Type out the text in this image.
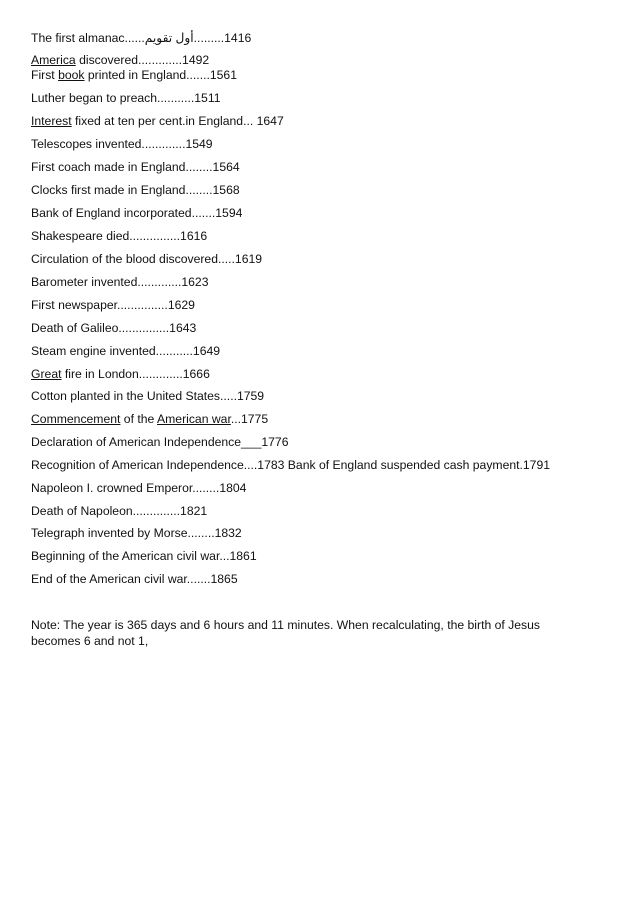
The first almanac......أول تقويم.........1416
America discovered.............1492
First book printed in England.......1561
Luther began to preach...........1511
Interest fixed at ten per cent.in England... 1647
Telescopes invented.............1549
First coach made in England........1564
Clocks first made in England........1568
Bank of England incorporated.......1594
Shakespeare died...............1616
Circulation of the blood discovered.....1619
Barometer invented.............1623
First newspaper...............1629
Death of Galileo...............1643
Steam engine invented...........1649
Great fire in London.............1666
Cotton planted in the United States.....1759
Commencement of the American war...1775
Declaration of American Independence___1776
Recognition of American Independence....1783 Bank of England suspended cash payment.1791
Napoleon I. crowned Emperor........1804
Death of Napoleon..............1821
Telegraph invented by Morse........1832
Beginning of the American civil war...1861
End of the American civil war.......1865
Note: The year is 365 days and 6 hours and 11 minutes. When recalculating, the birth of Jesus becomes 6 and not 1,
